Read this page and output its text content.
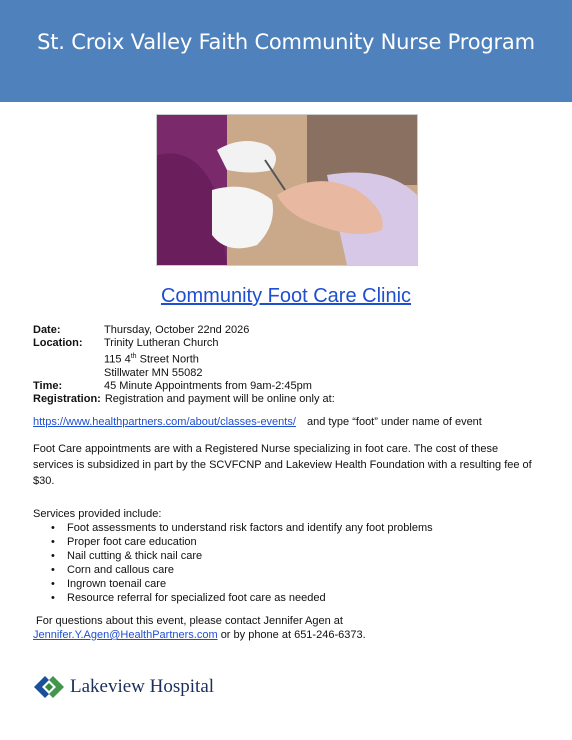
St. Croix Valley Faith Community Nurse Program
Community Foot Care Clinic
Date:	Thursday, October 22nd 2026
Location:	Trinity Lutheran Church
115 4th Street North
Stillwater MN 55082
Time:	45 Minute Appointments from 9am-2:45pm
Registration: Registration and payment will be online only at:
https://www.healthpartners.com/about/classes-events/ and type “foot” under name of event
Foot Care appointments are with a Registered Nurse specializing in foot care. The cost of these services is subsidized in part by the SCVFCNP and Lakeview Health Foundation with a resulting fee of $30.
Services provided include:
• Foot assessments to understand risk factors and identify any foot problems
• Proper foot care education
• Nail cutting & thick nail care
• Corn and callous care
• Ingrown toenail care
• Resource referral for specialized foot care as needed
For questions about this event, please contact Jennifer Agen at
Jennifer.Y.Agen@HealthPartners.com or by phone at 651-246-6373.
Lakeview Hospital
